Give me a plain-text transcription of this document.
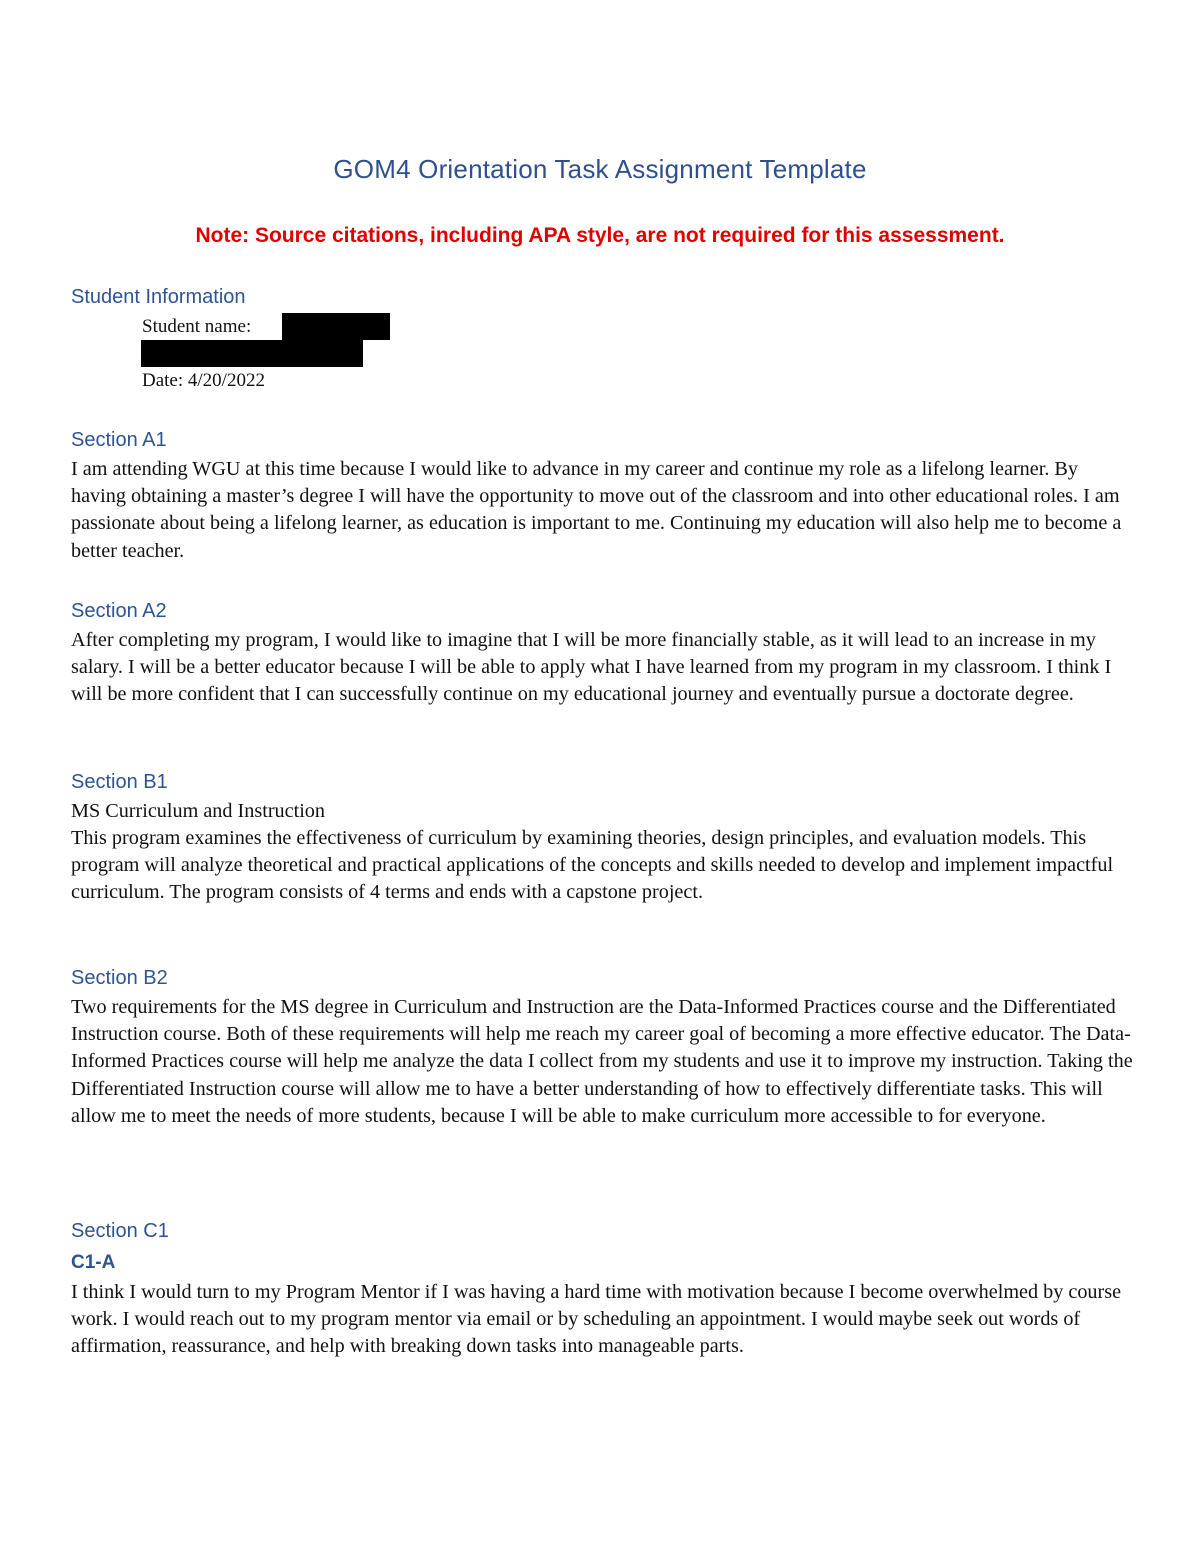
GOM4 Orientation Task Assignment Template
Note: Source citations, including APA style, are not required for this assessment.
Student Information
Student name:
Date: 4/20/2022
Section A1

I am attending WGU at this time because I would like to advance in my career and continue my role as a lifelong learner. By having obtaining a master’s degree I will have the opportunity to move out of the classroom and into other educational roles. I am passionate about being a lifelong learner, as education is important to me. Continuing my education will also help me to become a better teacher.

Section A2

After completing my program, I would like to imagine that I will be more financially stable, as it will lead to an increase in my salary. I will be a better educator because I will be able to apply what I have learned from my program in my classroom. I think I will be more confident that I can successfully continue on my educational journey and eventually pursue a doctorate degree.

Section B1

MS Curriculum and Instruction

This program examines the effectiveness of curriculum by examining theories, design principles, and evaluation models. This program will analyze theoretical and practical applications of the concepts and skills needed to develop and implement impactful curriculum. The program consists of 4 terms and ends with a capstone project.

Section B2

Two requirements for the MS degree in Curriculum and Instruction are the Data-Informed Practices course and the Differentiated Instruction course. Both of these requirements will help me reach my career goal of becoming a more effective educator. The Data-Informed Practices course will help me analyze the data I collect from my students and use it to improve my instruction. Taking the Differentiated Instruction course will allow me to have a better understanding of how to effectively differentiate tasks. This will allow me to meet the needs of more students, because I will be able to make curriculum more accessible to for everyone.

Section C1
C1-A

I think I would turn to my Program Mentor if I was having a hard time with motivation because I become overwhelmed by course work. I would reach out to my program mentor via email or by scheduling an appointment. I would maybe seek out words of affirmation, reassurance, and help with breaking down tasks into manageable parts.
